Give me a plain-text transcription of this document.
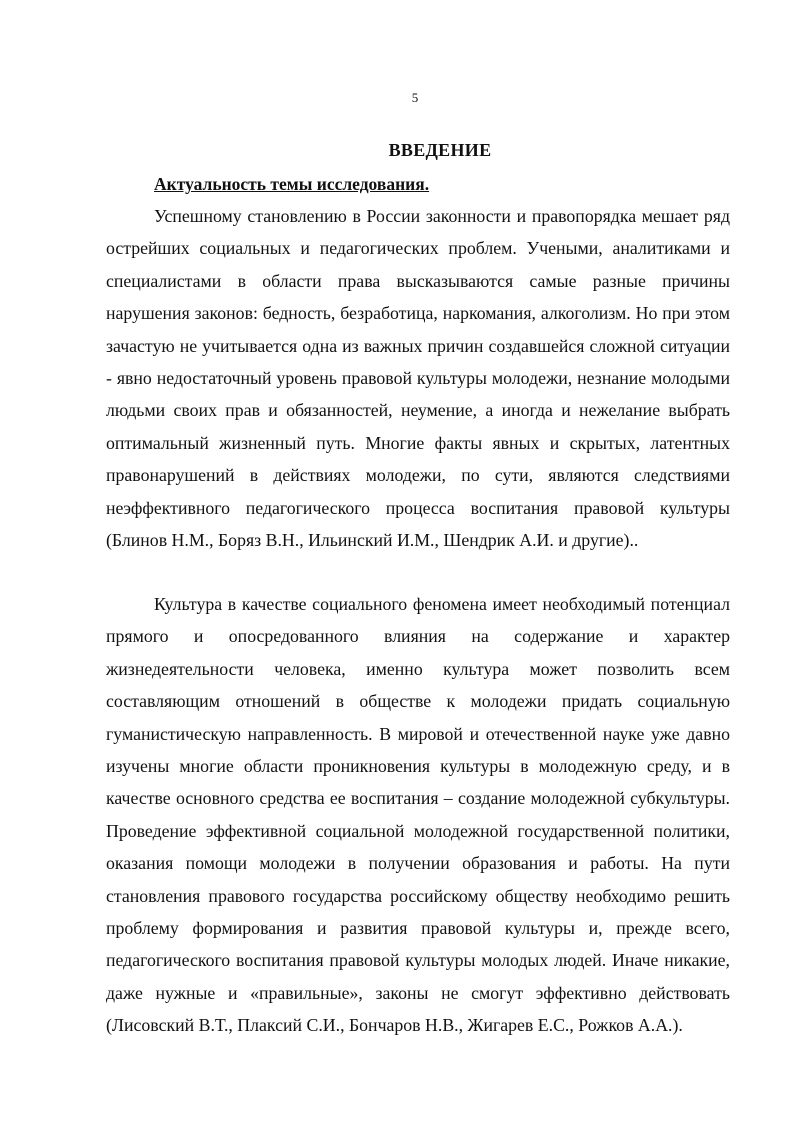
5
ВВЕДЕНИЕ
Актуальность темы исследования.

Успешному становлению в России законности и правопорядка мешает ряд острейших социальных и педагогических проблем. Учеными, аналитиками и специалистами в области права высказываются самые разные причины нарушения законов: бедность, безработица, наркомания, алкоголизм. Но при этом зачастую не учитывается одна из важных причин создавшейся сложной ситуации - явно недостаточный уровень правовой культуры молодежи, незнание молодыми людьми своих прав и обязанностей, неумение, а иногда и нежелание выбрать оптимальный жизненный путь. Многие факты явных и скрытых, латентных правонарушений в действиях молодежи, по сути, являются следствиями неэффективного педагогического процесса воспитания правовой культуры (Блинов Н.М., Боряз В.Н., Ильинский И.М., Шендрик А.И. и другие)..

Культура в качестве социального феномена имеет необходимый потенциал прямого и опосредованного влияния на содержание и характер жизнедеятельности человека, именно культура может позволить всем составляющим отношений в обществе к молодежи придать социальную гуманистическую направленность. В мировой и отечественной науке уже давно изучены многие области проникновения культуры в молодежную среду, и в качестве основного средства ее воспитания – создание молодежной субкультуры. Проведение эффективной социальной молодежной государственной политики, оказания помощи молодежи в получении образования и работы. На пути становления правового государства российскому обществу необходимо решить проблему формирования и развития правовой культуры и, прежде всего, педагогического воспитания правовой культуры молодых людей. Иначе никакие, даже нужные и «правильные», законы не смогут эффективно действовать (Лисовский В.Т., Плаксий С.И., Бончаров Н.В., Жигарев Е.С., Рожков А.А.).
